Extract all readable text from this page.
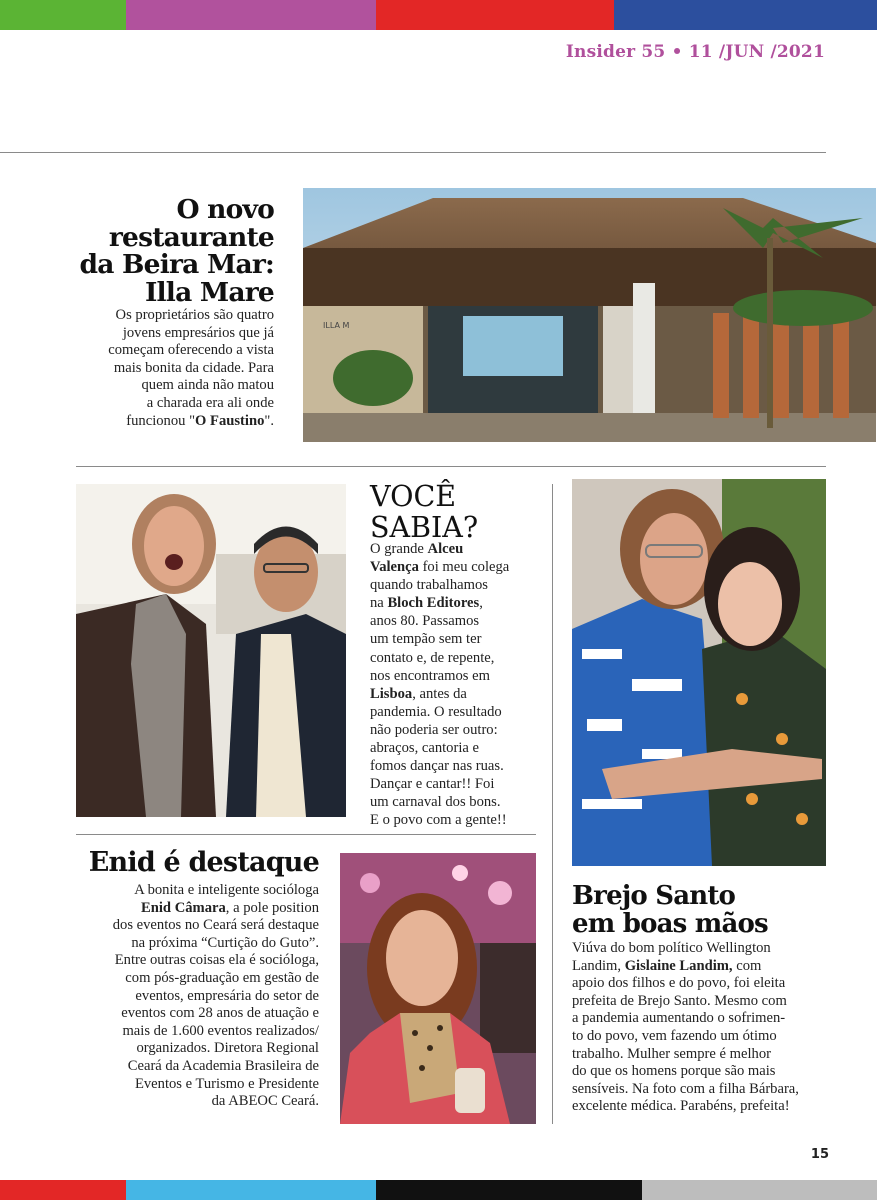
Insider 55 • 11 /JUN /2021
O novo
restaurante
da Beira Mar:
Illa Mare
Os proprietários são quatro
jovens empresários que já
começam oferecendo a vista
mais bonita da cidade. Para
quem ainda não matou
a charada era ali onde
funcionou "O Faustino".
ILLA M
VOCÊ
SABIA?
O grande Alceu
Valença foi meu colega
quando trabalhamos
na Bloch Editores,
anos 80. Passamos
um tempão sem ter
contato e, de repente,
nos encontramos em
Lisboa, antes da
pandemia. O resultado
não poderia ser outro:
abraços, cantoria e
fomos dançar nas ruas.
Dançar e cantar!! Foi
um carnaval dos bons.
E o povo com a gente!!
Enid é destaque
A bonita e inteligente socióloga
Enid Câmara, a pole position
dos eventos no Ceará será destaque
na próxima “Curtição do Guto”.
Entre outras coisas ela é socióloga,
com pós-graduação em gestão de
eventos, empresária do setor de
eventos com 28 anos de atuação e
mais de 1.600 eventos realizados/
organizados. Diretora Regional
Ceará da Academia Brasileira de
Eventos e Turismo e Presidente
da ABEOC Ceará.
Brejo Santo
em boas mãos
Viúva do bom político Wellington
Landim, Gislaine Landim, com
apoio dos filhos e do povo, foi eleita
prefeita de Brejo Santo. Mesmo com
a pandemia aumentando o sofrimen-
to do povo, vem fazendo um ótimo
trabalho. Mulher sempre é melhor
do que os homens porque são mais
sensíveis. Na foto com a filha Bárbara,
excelente médica. Parabéns, prefeita!
15
